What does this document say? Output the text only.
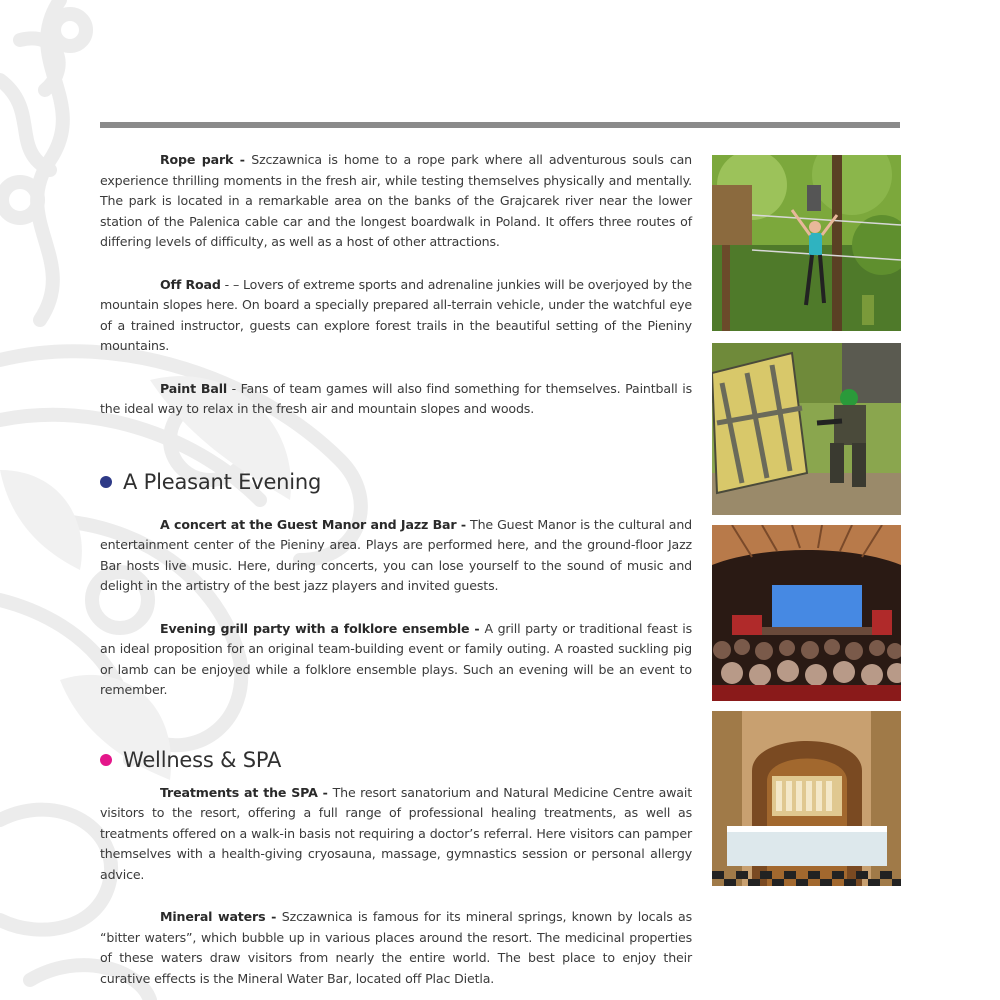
Rope park - Szczawnica is home to a rope park where all adventurous souls can experience thrilling moments in the fresh air, while testing themselves physically and mentally. The park is located in a remarkable area on the banks of the Grajcarek river near the lower station of the Palenica cable car and the longest boardwalk in Poland. It offers three routes of differing levels of difficulty, as well as a host of other attractions.

Off Road - – Lovers of extreme sports and adrenaline junkies will be overjoyed by the mountain slopes here. On board a specially prepared all-terrain vehicle, under the watchful eye of a trained instructor, guests can explore forest trails in the beautiful setting of the Pieniny mountains.

Paint Ball - Fans of team games will also find something for themselves. Paintball is the ideal way to relax in the fresh air and mountain slopes and woods.

A Pleasant Evening

A concert at the Guest Manor and Jazz Bar - The Guest Manor is the cultural and entertainment center of the Pieniny area. Plays are performed here, and the ground-floor Jazz Bar hosts live music. Here, during concerts, you can lose yourself to the sound of music and delight in the artistry of the best jazz players and invited guests.

Evening grill party with a folklore ensemble - A grill party or traditional feast is an ideal proposition for an original team-building event or family outing. A roasted suckling pig or lamb can be enjoyed while a folklore ensemble plays. Such an evening will be an event to remember.

Wellness & SPA

Treatments at the SPA - The resort sanatorium and Natural Medicine Centre await visitors to the resort, offering a full range of professional healing treatments, as well as treatments offered on a walk-in basis not requiring a doctor’s referral. Here visitors can pamper themselves with a health-giving cryosauna, massage, gymnastics session or personal allergy advice.

Mineral waters - Szczawnica is famous for its mineral springs, known by locals as “bitter waters”, which bubble up in various places around the resort. The medicinal properties of these waters draw visitors from nearly the entire world. The best place to enjoy their curative effects is the Mineral Water Bar, located off Plac Dietla.
